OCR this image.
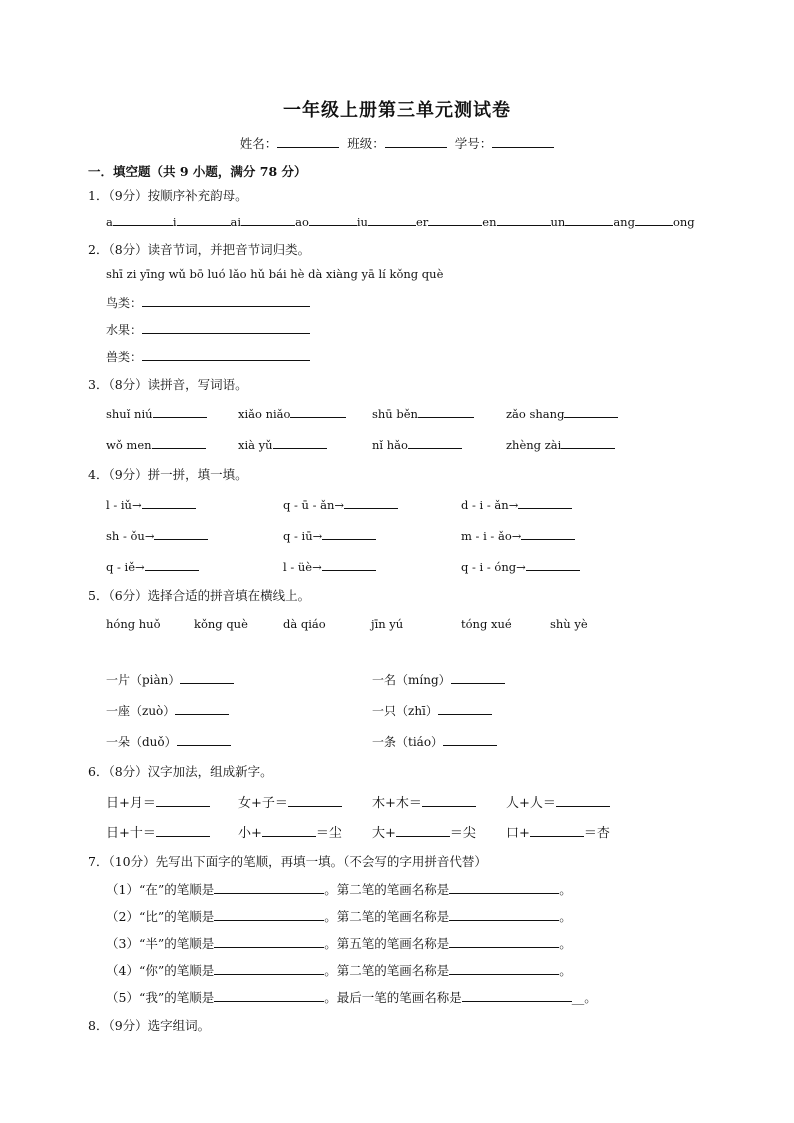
一年级上册第三单元测试卷
姓名：	班级：	学号：
一．填空题（共 9 小题，满分 78 分）
1．（9分）按顺序补充韵母。
a	i	ai	ao	iu	er	en	un	ang	ong
2．（8分）读音节词，并把音节词归类。
shī zi yīng wǔ bō luó lǎo hǔ bái hè dà xiàng yā lí kǒng què
鸟类：
水果：
兽类：
3．（8分）读拼音，写词语。
shuǐ niú	xiǎo niǎo	shū běn	zǎo shang
wǒ men	xià yǔ	nǐ hǎo	zhèng zài
4．（9分）拼一拼，填一填。
l - iǔ→	q - ū - ǎn→	d - i - ǎn→
sh - ǒu→	q - iū→	m - i - ǎo→
q - iě→	l - üè→	q - i - óng→
5．（6分）选择合适的拼音填在横线上。
hóng huǒ	kǒng què	dà qiáo	jīn yú	tóng xué	shù yè
一片（piàn）	一名（míng）
一座（zuò）	一只（zhī）
一朵（duǒ）	一条（tiáo）
6．（8分）汉字加法，组成新字。
日+月＝	女+子＝	木+木＝	人+人＝
日+十＝	小+	＝尘 大+	＝尖 口+	＝杏
7．（10分）先写出下面字的笔顺，再填一填。（不会写的字用拼音代替）
（1）“在”的笔顺是	。第二笔的笔画名称是	。
（2）“比”的笔顺是	。第二笔的笔画名称是	。
（3）“半”的笔顺是	。第五笔的笔画名称是	。
（4）“你”的笔顺是	。第二笔的笔画名称是	。
（5）“我”的笔顺是	。最后一笔的笔画名称是	__。
8．（9分）选字组词。
